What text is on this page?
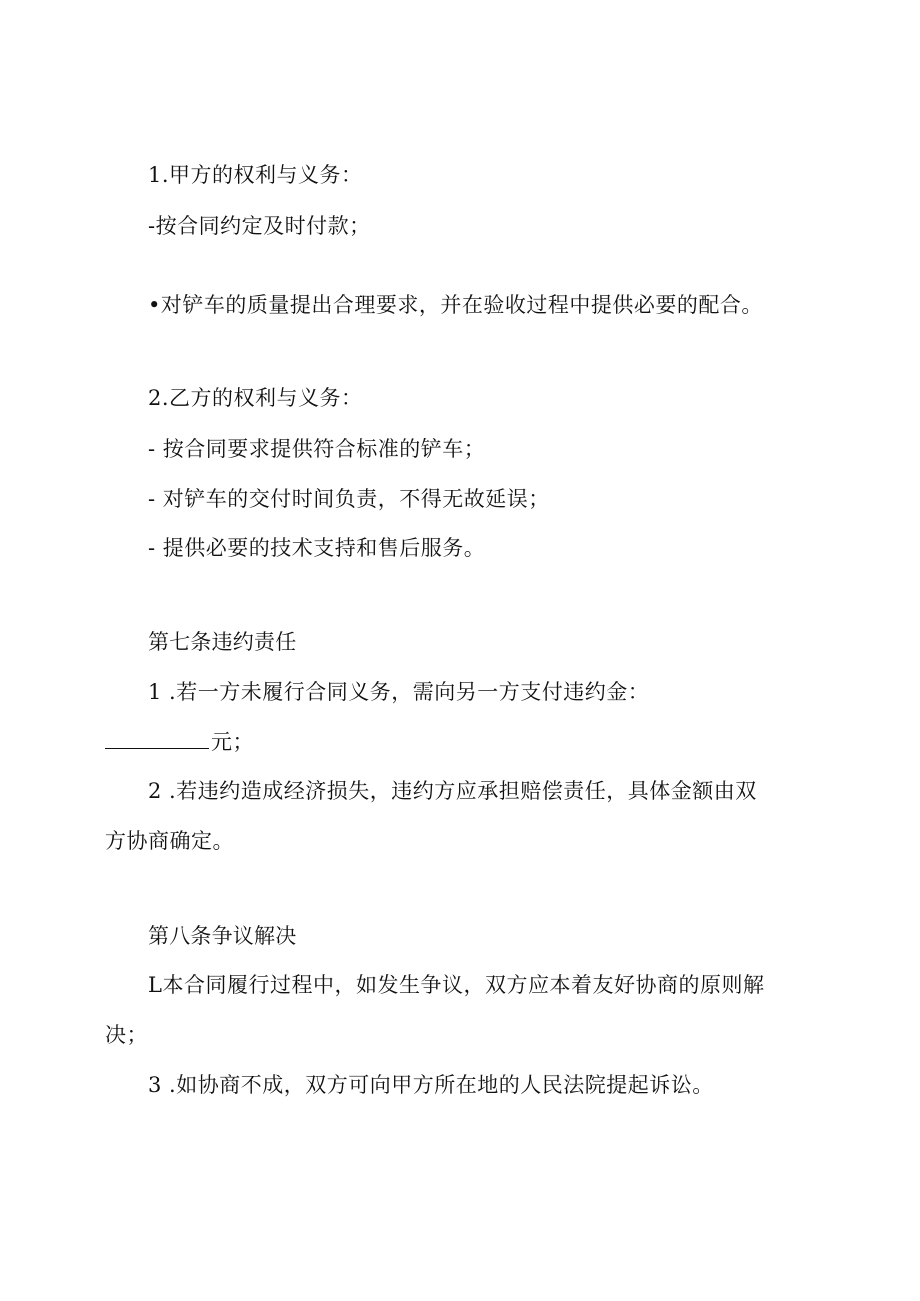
1.甲方的权利与义务：
-按合同约定及时付款；
•对铲车的质量提出合理要求，并在验收过程中提供必要的配合。
2.乙方的权利与义务：
- 按合同要求提供符合标准的铲车；
- 对铲车的交付时间负责，不得无故延误；
- 提供必要的技术支持和售后服务。
第七条违约责任
1 .若一方未履行合同义务，需向另一方支付违约金：
元；
2 .若违约造成经济损失，违约方应承担赔偿责任，具体金额由双
方协商确定。
第八条争议解决
L本合同履行过程中，如发生争议，双方应本着友好协商的原则解
决；
3 .如协商不成，双方可向甲方所在地的人民法院提起诉讼。
